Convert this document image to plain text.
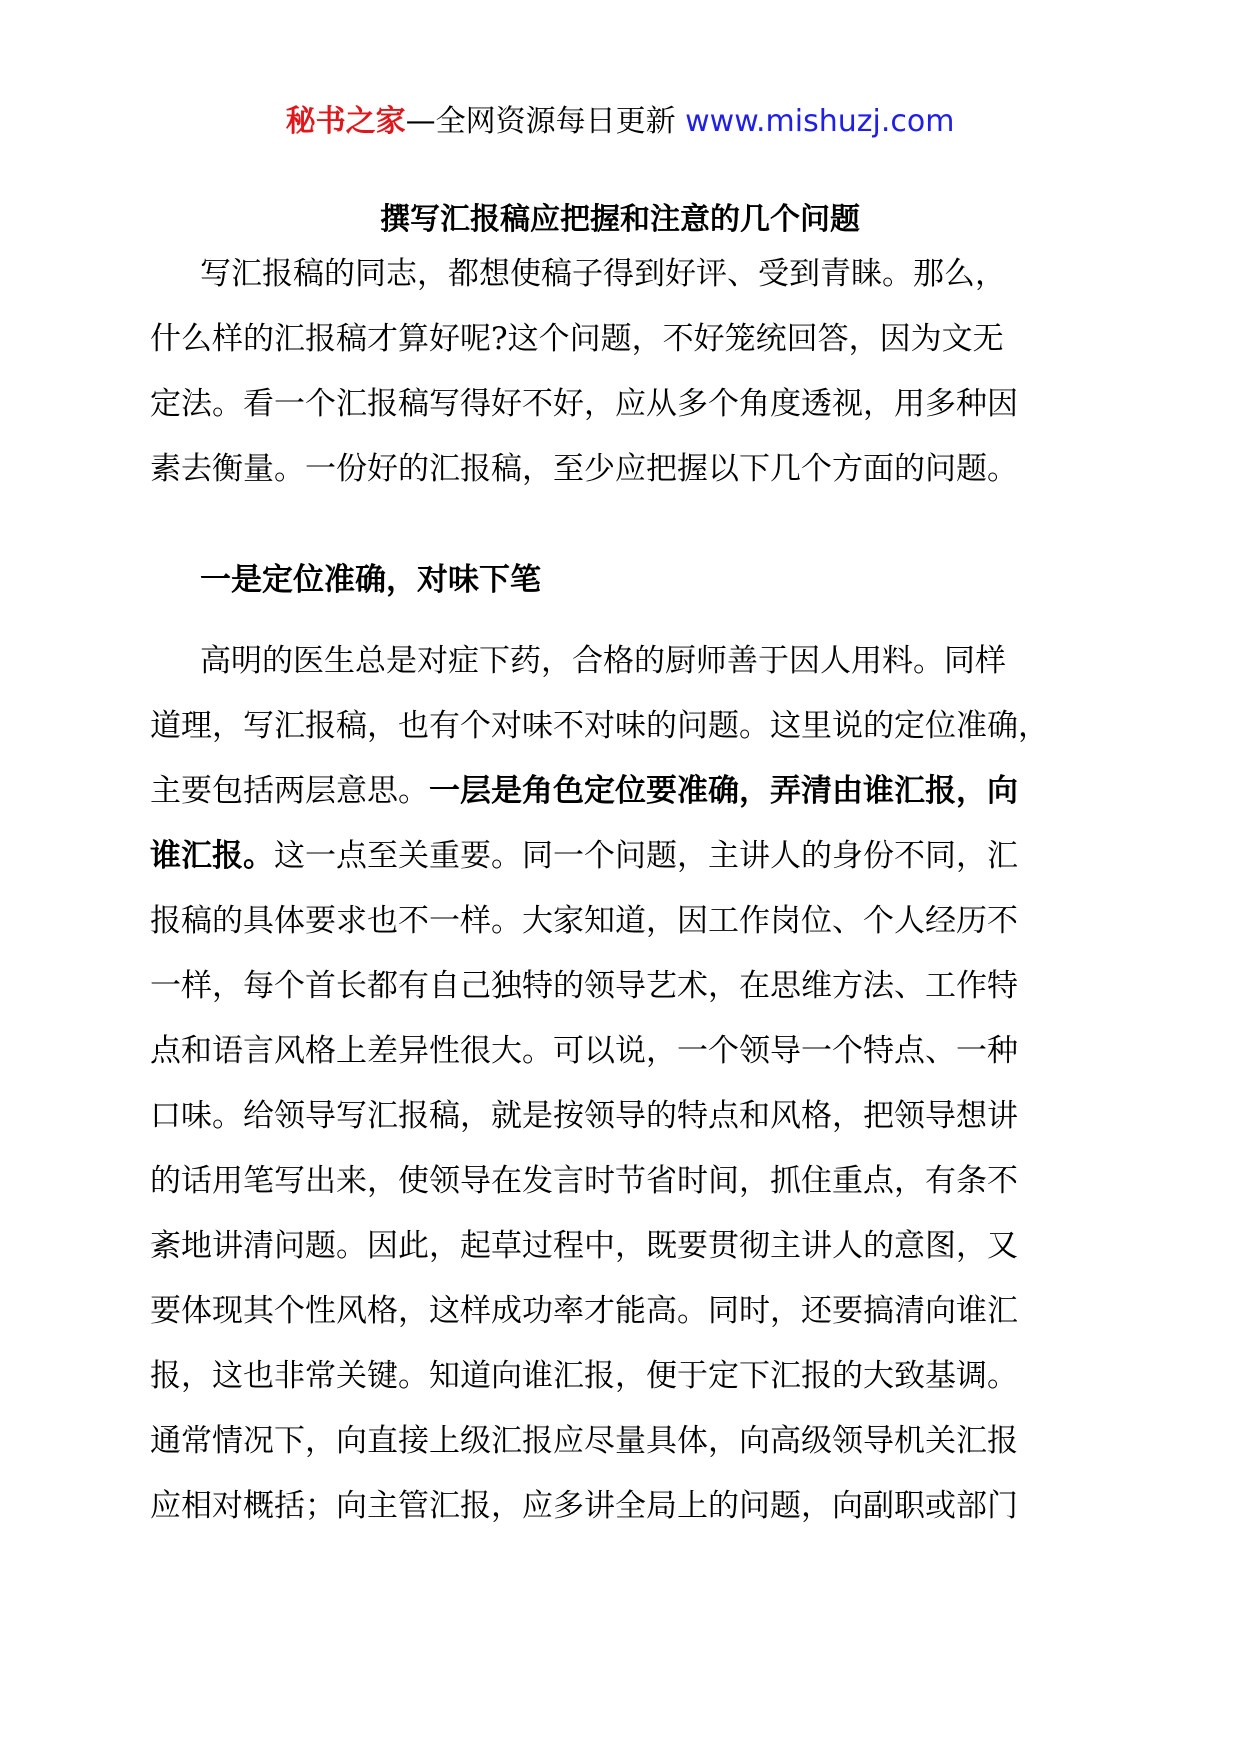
秘书之家—全网资源每日更新 www.mishuzj.com
撰写汇报稿应把握和注意的几个问题
写汇报稿的同志，都想使稿子得到好评、受到青睐。那么，
什么样的汇报稿才算好呢?这个问题，不好笼统回答，因为文无
定法。看一个汇报稿写得好不好，应从多个角度透视，用多种因
素去衡量。一份好的汇报稿，至少应把握以下几个方面的问题。
一是定位准确，对味下笔
高明的医生总是对症下药，合格的厨师善于因人用料。同样
道理，写汇报稿，也有个对味不对味的问题。这里说的定位准确，
主要包括两层意思。一层是角色定位要准确，弄清由谁汇报，向
谁汇报。这一点至关重要。同一个问题，主讲人的身份不同，汇
报稿的具体要求也不一样。大家知道，因工作岗位、个人经历不
一样，每个首长都有自己独特的领导艺术，在思维方法、工作特
点和语言风格上差异性很大。可以说，一个领导一个特点、一种
口味。给领导写汇报稿，就是按领导的特点和风格，把领导想讲
的话用笔写出来，使领导在发言时节省时间，抓住重点，有条不
紊地讲清问题。因此，起草过程中，既要贯彻主讲人的意图，又
要体现其个性风格，这样成功率才能高。同时，还要搞清向谁汇
报，这也非常关键。知道向谁汇报，便于定下汇报的大致基调。
通常情况下，向直接上级汇报应尽量具体，向高级领导机关汇报
应相对概括；向主管汇报，应多讲全局上的问题，向副职或部门
